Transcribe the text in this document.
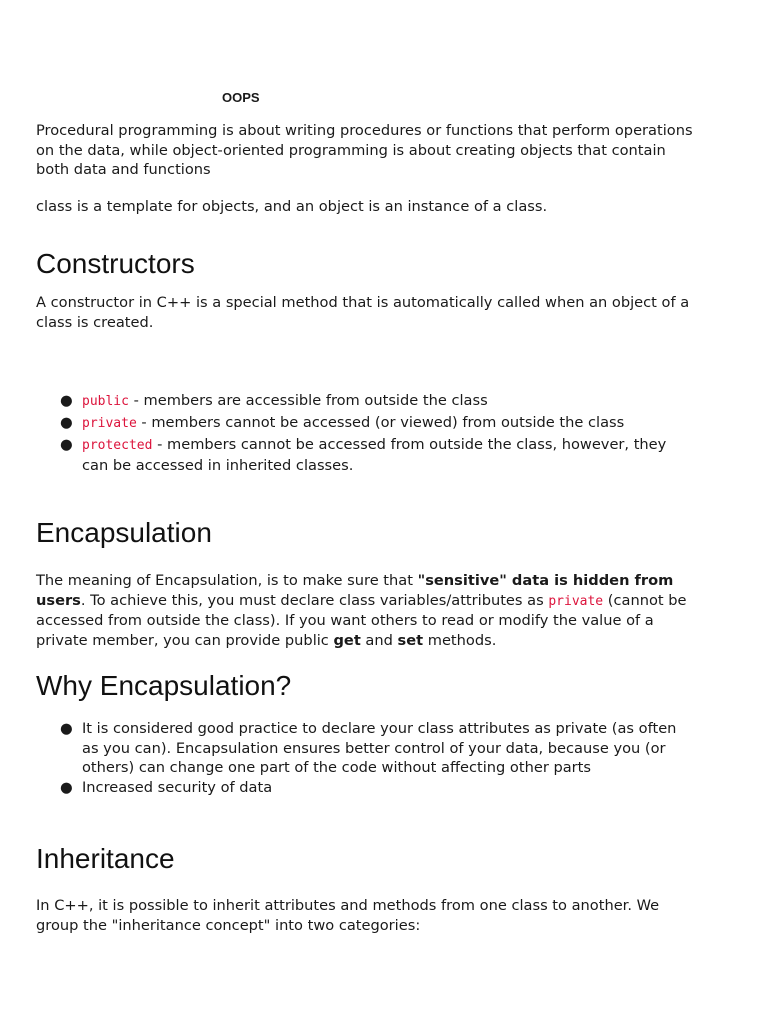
OOPS

Procedural programming is about writing procedures or functions that perform operations on the data, while object-oriented programming is about creating objects that contain both data and functions

class is a template for objects, and an object is an instance of a class.

Constructors

A constructor in C++ is a special method that is automatically called when an object of a class is created.

● public - members are accessible from outside the class
● private - members cannot be accessed (or viewed) from outside the class
● protected - members cannot be accessed from outside the class, however, they can be accessed in inherited classes.
Encapsulation

The meaning of Encapsulation, is to make sure that "sensitive" data is hidden from users. To achieve this, you must declare class variables/attributes as private (cannot be accessed from outside the class). If you want others to read or modify the value of a private member, you can provide public get and set methods.

Why Encapsulation?
● It is considered good practice to declare your class attributes as private (as often as you can). Encapsulation ensures better control of your data, because you (or others) can change one part of the code without affecting other parts
● Increased security of data
Inheritance

In C++, it is possible to inherit attributes and methods from one class to another. We group the "inheritance concept" into two categories:
